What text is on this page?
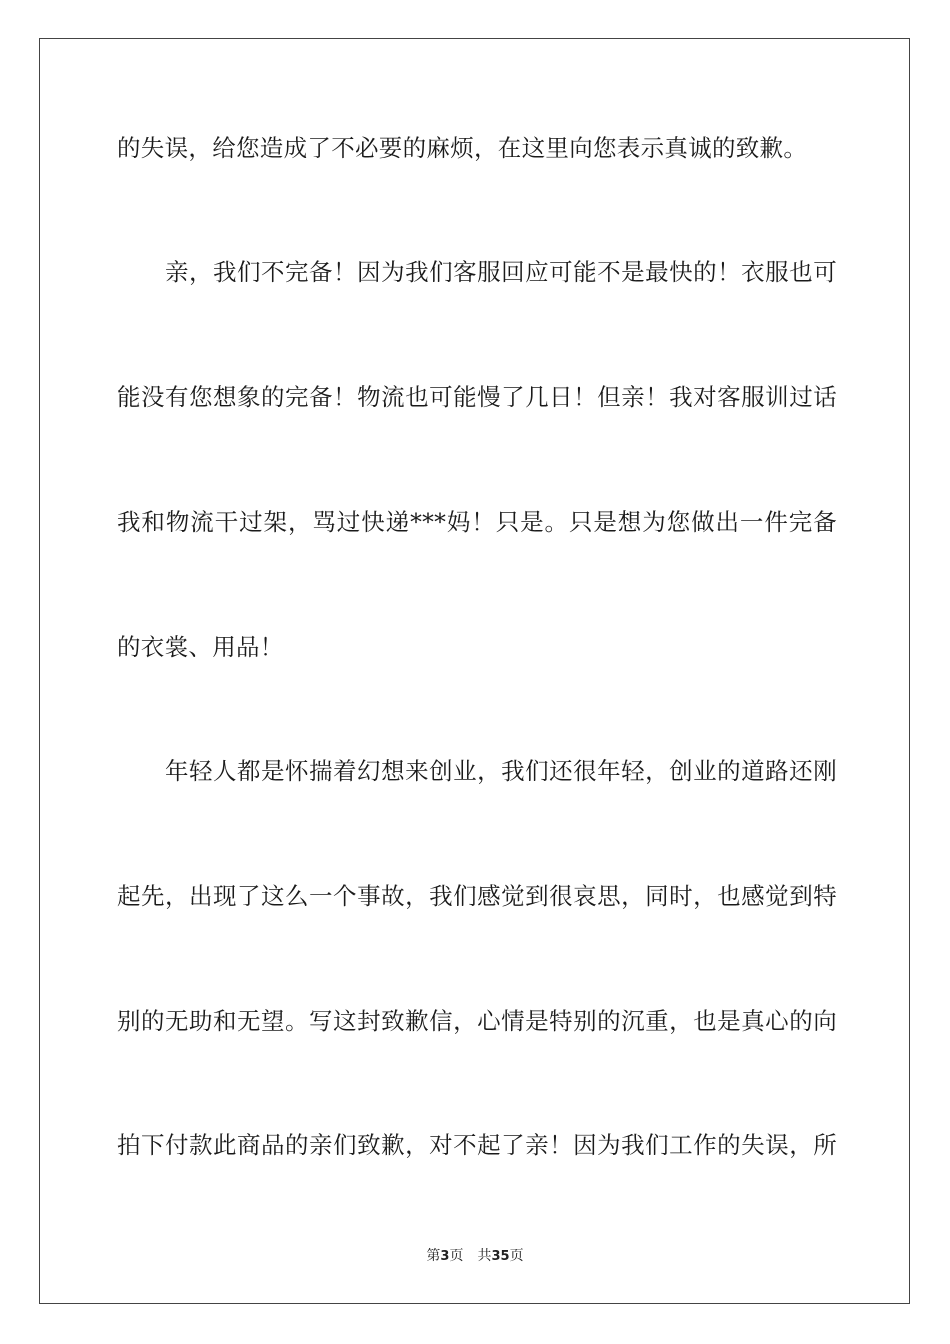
的失误，给您造成了不必要的麻烦，在这里向您表示真诚的致歉。
亲，我们不完备！因为我们客服回应可能不是最快的！衣服也可
能没有您想象的完备！物流也可能慢了几日！但亲！我对客服训过话
我和物流干过架，骂过快递***妈！只是。只是想为您做出一件完备
的衣裳、用品！
年轻人都是怀揣着幻想来创业，我们还很年轻，创业的道路还刚
起先，出现了这么一个事故，我们感觉到很哀思，同时，也感觉到特
别的无助和无望。写这封致歉信，心情是特别的沉重，也是真心的向
拍下付款此商品的亲们致歉，对不起了亲！因为我们工作的失误，所
第3页 共35页
